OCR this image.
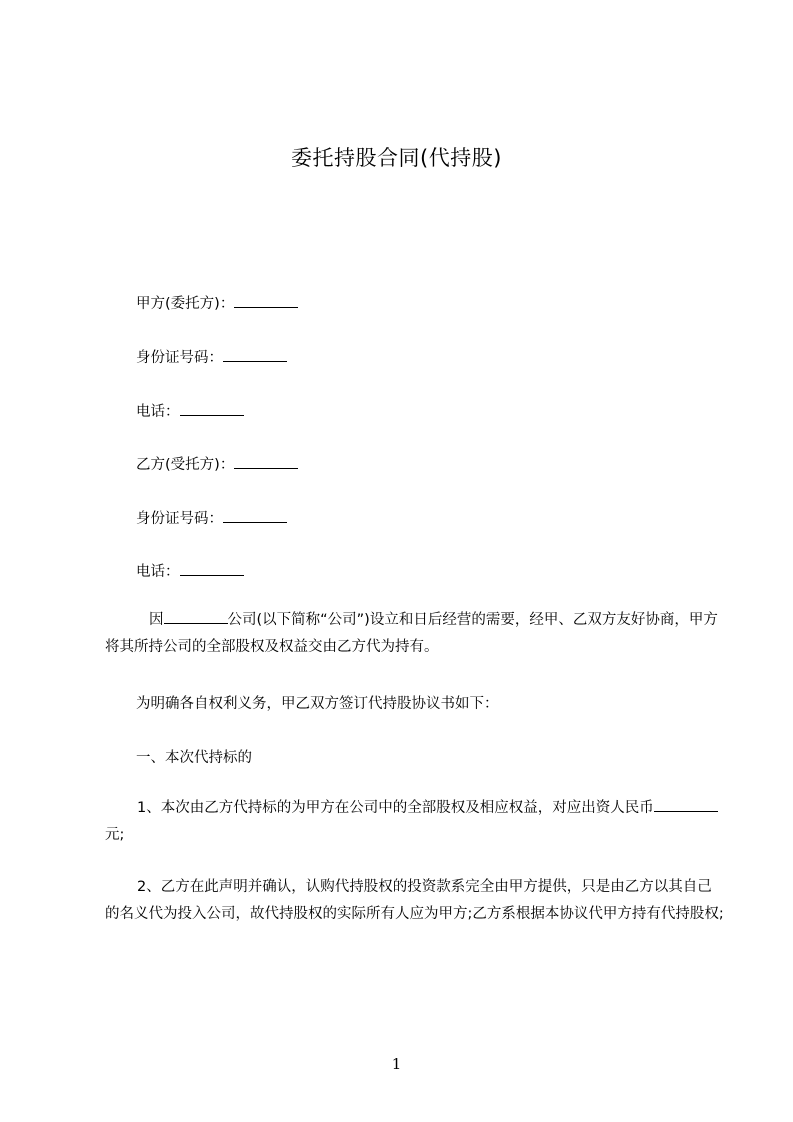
委托持股合同(代持股)
甲方(委托方)：
身份证号码：
电话：
乙方(受托方)：
身份证号码：
电话：
因	公司(以下简称“公司”)设立和日后经营的需要，经甲、乙双方友好协商，甲方将其所持公司的全部股权及权益交由乙方代为持有。
为明确各自权利义务，甲乙双方签订代持股协议书如下：
一、本次代持标的
1、本次由乙方代持标的为甲方在公司中的全部股权及相应权益，对应出资人民币元;
2、乙方在此声明并确认，认购代持股权的投资款系完全由甲方提供，只是由乙方以其自己的名义代为投入公司，故代持股权的实际所有人应为甲方;乙方系根据本协议代甲方持有代持股权;
1
